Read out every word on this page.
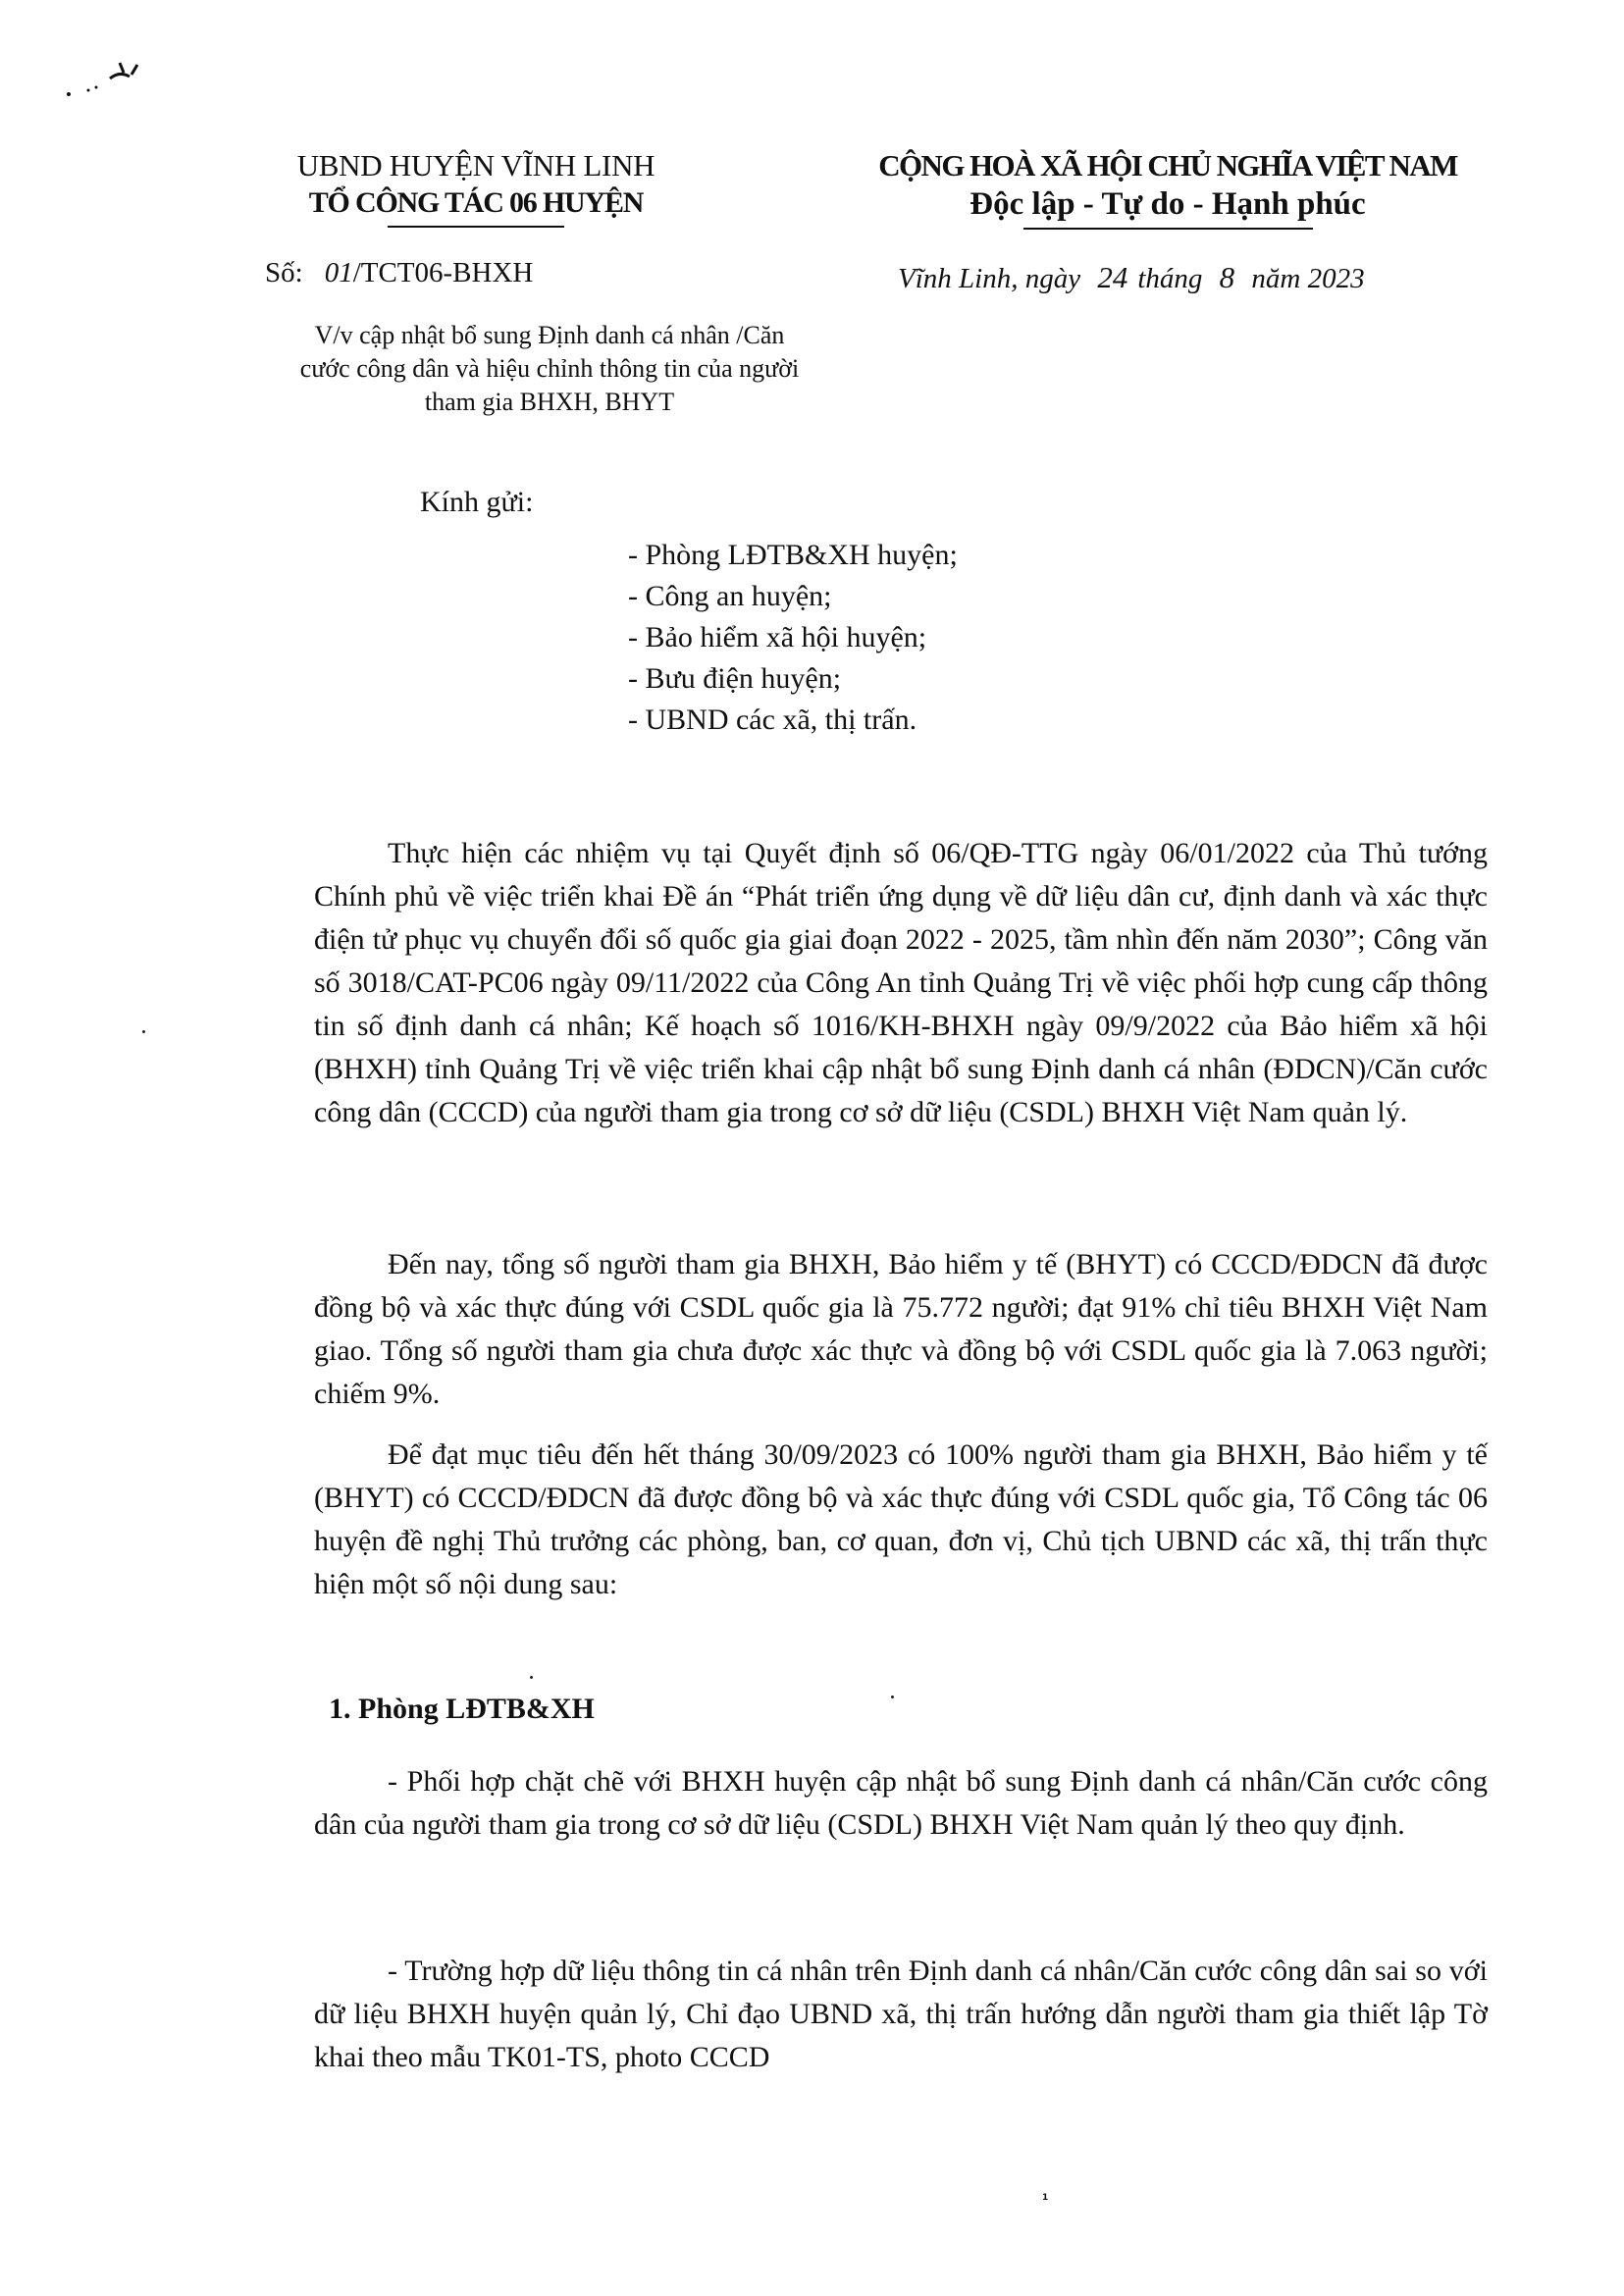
UBND HUYỆN VĨNH LINH
TỔ CÔNG TÁC 06 HUYỆN
Số: 01/TCT06-BHXH
V/v cập nhật bổ sung Định danh cá nhân /Căn cước công dân và hiệu chỉnh thông tin của người tham gia BHXH, BHYT
CỘNG HOÀ XÃ HỘI CHỦ NGHĨA VIỆT NAM
Độc lập - Tự do - Hạnh phúc
Vĩnh Linh, ngày 24 tháng 8 năm 2023
Kính gửi:
- Phòng LĐTB&XH huyện;
- Công an huyện;
- Bảo hiểm xã hội huyện;
- Bưu điện huyện;
- UBND các xã, thị trấn.

Thực hiện các nhiệm vụ tại Quyết định số 06/QĐ-TTG ngày 06/01/2022 của Thủ tướng Chính phủ về việc triển khai Đề án “Phát triển ứng dụng về dữ liệu dân cư, định danh và xác thực điện tử phục vụ chuyển đổi số quốc gia giai đoạn 2022 - 2025, tầm nhìn đến năm 2030”; Công văn số 3018/CAT-PC06 ngày 09/11/2022 của Công An tỉnh Quảng Trị về việc phối hợp cung cấp thông tin số định danh cá nhân; Kế hoạch số 1016/KH-BHXH ngày 09/9/2022 của Bảo hiểm xã hội (BHXH) tỉnh Quảng Trị về việc triển khai cập nhật bổ sung Định danh cá nhân (ĐDCN)/Căn cước công dân (CCCD) của người tham gia trong cơ sở dữ liệu (CSDL) BHXH Việt Nam quản lý.

Đến nay, tổng số người tham gia BHXH, Bảo hiểm y tế (BHYT) có CCCD/ĐDCN đã được đồng bộ và xác thực đúng với CSDL quốc gia là 75.772 người; đạt 91% chỉ tiêu BHXH Việt Nam giao. Tổng số người tham gia chưa được xác thực và đồng bộ với CSDL quốc gia là 7.063 người; chiếm 9%.

Để đạt mục tiêu đến hết tháng 30/09/2023 có 100% người tham gia BHXH, Bảo hiểm y tế (BHYT) có CCCD/ĐDCN đã được đồng bộ và xác thực đúng với CSDL quốc gia, Tổ Công tác 06 huyện đề nghị Thủ trưởng các phòng, ban, cơ quan, đơn vị, Chủ tịch UBND các xã, thị trấn thực hiện một số nội dung sau:

1. Phòng LĐTB&XH

- Phối hợp chặt chẽ với BHXH huyện cập nhật bổ sung Định danh cá nhân/Căn cước công dân của người tham gia trong cơ sở dữ liệu (CSDL) BHXH Việt Nam quản lý theo quy định.

- Trường hợp dữ liệu thông tin cá nhân trên Định danh cá nhân/Căn cước công dân sai so với dữ liệu BHXH huyện quản lý, Chỉ đạo UBND xã, thị trấn hướng dẫn người tham gia thiết lập Tờ khai theo mẫu TK01-TS, photo CCCD

1
